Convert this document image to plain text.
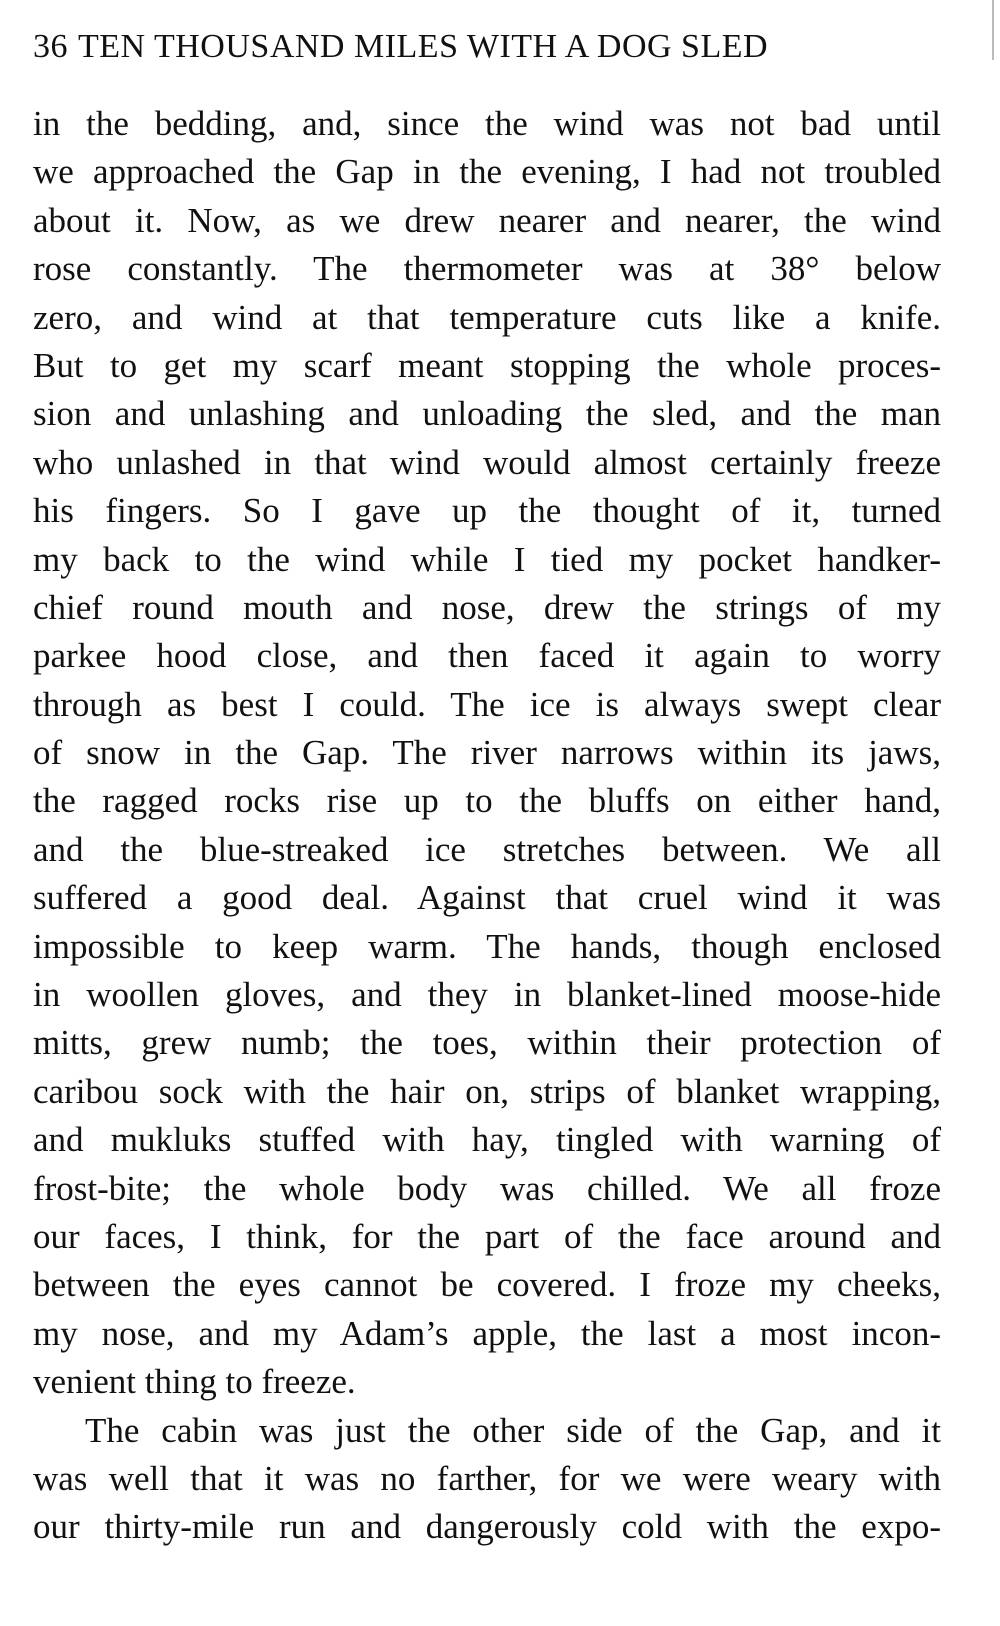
36 TEN THOUSAND MILES WITH A DOG SLED

in the bedding, and, since the wind was not bad until
we approached the Gap in the evening, I had not troubled
about it. Now, as we drew nearer and nearer, the wind
rose constantly. The thermometer was at 38° below
zero, and wind at that temperature cuts like a knife.
But to get my scarf meant stopping the whole proces-
sion and unlashing and unloading the sled, and the man
who unlashed in that wind would almost certainly freeze
his fingers. So I gave up the thought of it, turned
my back to the wind while I tied my pocket handker-
chief round mouth and nose, drew the strings of my
parkee hood close, and then faced it again to worry
through as best I could. The ice is always swept clear
of snow in the Gap. The river narrows within its jaws,
the ragged rocks rise up to the bluffs on either hand,
and the blue-streaked ice stretches between. We all
suffered a good deal. Against that cruel wind it was
impossible to keep warm. The hands, though enclosed
in woollen gloves, and they in blanket-lined moose-hide
mitts, grew numb; the toes, within their protection of
caribou sock with the hair on, strips of blanket wrapping,
and mukluks stuffed with hay, tingled with warning of
frost-bite; the whole body was chilled. We all froze
our faces, I think, for the part of the face around and
between the eyes cannot be covered. I froze my cheeks,
my nose, and my Adam’s apple, the last a most incon-
venient thing to freeze.

The cabin was just the other side of the Gap, and it
was well that it was no farther, for we were weary with
our thirty-mile run and dangerously cold with the expo-
